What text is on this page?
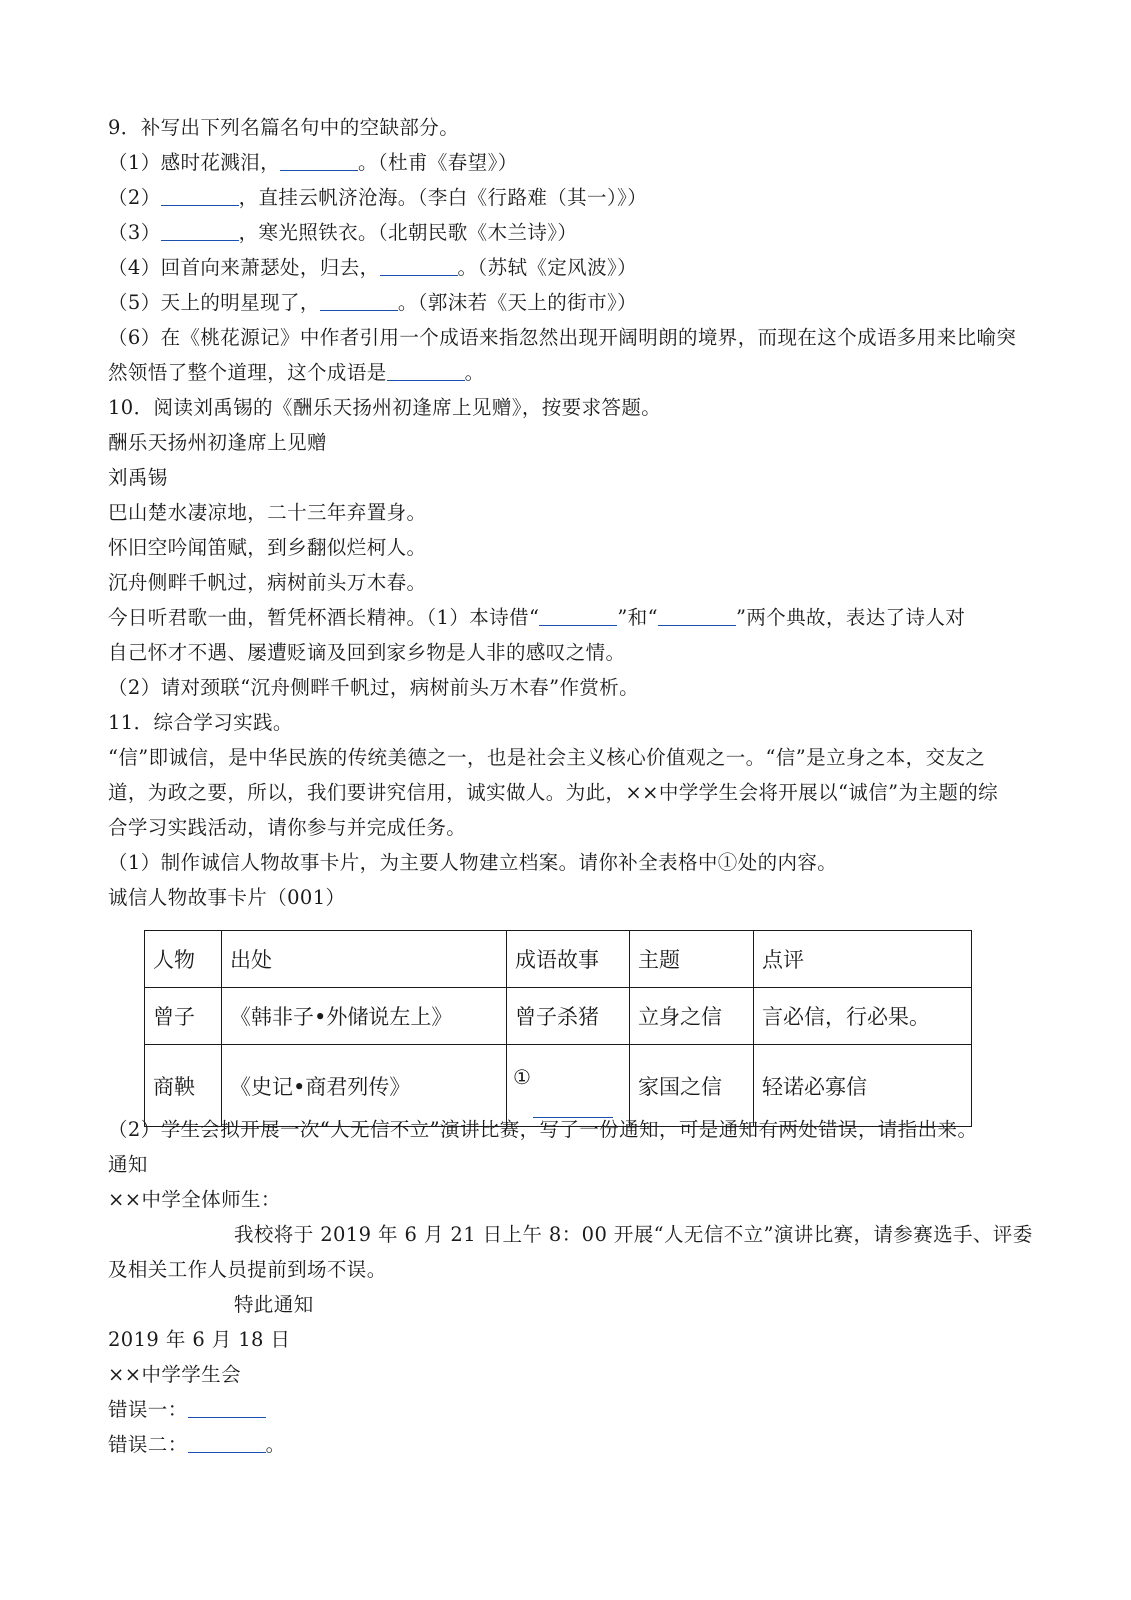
9．补写出下列名篇名句中的空缺部分。
（1）感时花溅泪，	。（杜甫《春望》）
（2）	，直挂云帆济沧海。（李白《行路难（其一）》）
（3）	，寒光照铁衣。（北朝民歌《木兰诗》）
（4）回首向来萧瑟处，归去，	。（苏轼《定风波》）
（5）天上的明星现了，	。（郭沫若《天上的街市》）
（6）在《桃花源记》中作者引用一个成语来指忽然出现开阔明朗的境界，而现在这个成语多用来比喻突
然领悟了整个道理，这个成语是	。
10．阅读刘禹锡的《酬乐天扬州初逢席上见赠》，按要求答题。
酬乐天扬州初逢席上见赠
刘禹锡
巴山楚水凄凉地，二十三年弃置身。
怀旧空吟闻笛赋，到乡翻似烂柯人。
沉舟侧畔千帆过，病树前头万木春。
今日听君歌一曲，暂凭杯酒长精神。（1）本诗借“	”和“	”两个典故，表达了诗人对
自己怀才不遇、屡遭贬谪及回到家乡物是人非的感叹之情。
（2）请对颈联“沉舟侧畔千帆过，病树前头万木春”作赏析。
11．综合学习实践。
“信”即诚信，是中华民族的传统美德之一，也是社会主义核心价值观之一。“信”是立身之本，交友之
道，为政之要，所以，我们要讲究信用，诚实做人。为此，××中学学生会将开展以“诚信”为主题的综
合学习实践活动，请你参与并完成任务。
（1）制作诚信人物故事卡片，为主要人物建立档案。请你补全表格中①处的内容。
诚信人物故事卡片（001）
人物	出处	成语故事	主题	点评
曾子	《韩非子•外储说左上》	曾子杀猪	立身之信	言必信，行必果。
商鞅	《史记•商君列传》	①	家国之信	轻诺必寡信
（2）学生会拟开展一次“人无信不立”演讲比赛，写了一份通知，可是通知有两处错误，请指出来。
通知
××中学全体师生：
我校将于 2019 年 6 月 21 日上午 8：00 开展“人无信不立”演讲比赛，请参赛选手、评委
及相关工作人员提前到场不误。
特此通知
2019 年 6 月 18 日
××中学学生会
错误一：
错误二：	。
